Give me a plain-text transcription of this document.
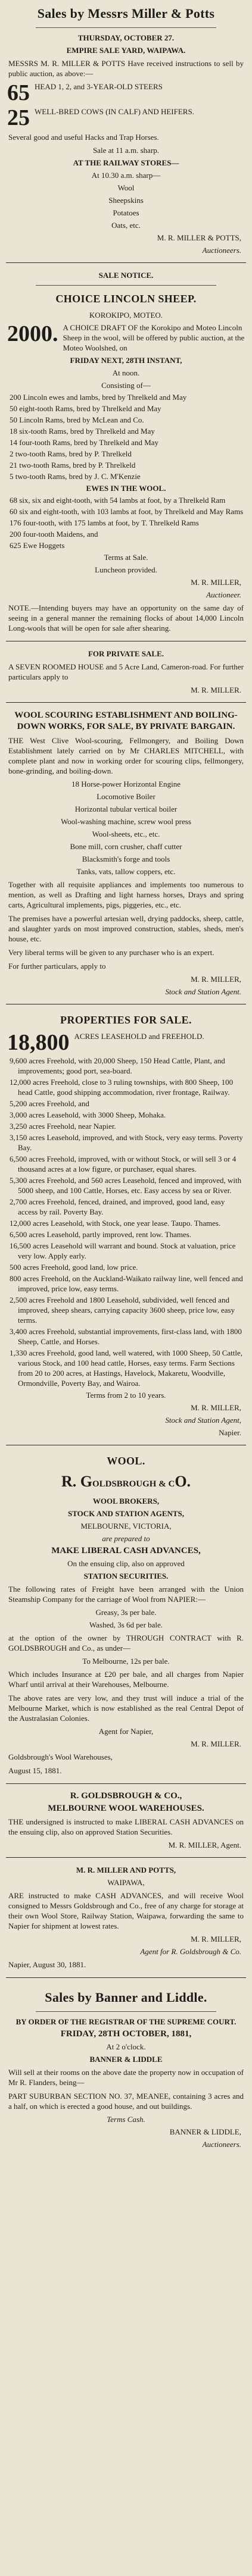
Sales by Messrs Miller & Potts
THURSDAY, OCTOBER 27.
EMPIRE SALE YARD, WAIPAWA.
MESSRS M. R. MILLER & POTTS Have received instructions to sell by public auction, as above:—
65 HEAD 1, 2, and 3-YEAR-OLD STEERS
25 WELL-BRED COWS (IN CALF) AND HEIFERS.
Several good and useful Hacks and Trap Horses.
Sale at 11 a.m. sharp.
AT THE RAILWAY STORES—
At 10.30 a.m. sharp—
Wool
Sheepskins
Potatoes
Oats, etc.
M. R. MILLER & POTTS,
Auctioneers.
SALE NOTICE.
CHOICE LINCOLN SHEEP.
KOROKIPO, MOTEO.
2000. A CHOICE DRAFT OF the Korokipo and Moteo Lincoln Sheep in the wool, will be offered by public auction, at the Moteo Woolshed, on
FRIDAY NEXT, 28TH INSTANT,
At noon.
Consisting of—
200 Lincoln ewes and lambs, bred by Threlkeld and May
50 eight-tooth Rams, bred by Threlkeld and May
50 Lincoln Rams, bred by McLean and Co.
18 six-tooth Rams, bred by Threlkeld and May
14 four-tooth Rams, bred by Threlkeld and May
2 two-tooth Rams, bred by P. Threlkeld
21 two-tooth Rams, bred by P. Threlkeld
5 two-tooth Rams, bred by J. C. M'Kenzie
EWES IN THE WOOL.
68 six, six and eight-tooth, with 54 lambs at foot, by a Threlkeld Ram
60 six and eight-tooth, with 103 lambs at foot, by Threlkeld and May Rams
176 four-tooth, with 175 lambs at foot, by T. Threlkeld Rams
200 four-tooth Maidens, and
625 Ewe Hoggets
Terms at Sale.
Luncheon provided.
M. R. MILLER,
Auctioneer.
NOTE.—Intending buyers may have an opportunity on the same day of seeing in a general manner the remaining flocks of about 14,000 Lincoln Long-wools that will be open for sale after shearing.
FOR PRIVATE SALE.
A SEVEN ROOMED HOUSE and 5 Acre Land, Cameron-road. For further particulars apply to
M. R. MILLER.
WOOL SCOURING ESTABLISHMENT AND BOILING-DOWN WORKS, FOR SALE, BY PRIVATE BARGAIN.
THE West Clive Wool-scouring, Fellmongery, and Boiling Down Establishment lately carried on by Mr CHARLES MITCHELL, with complete plant and now in working order for scouring clips, fellmongery, bone-grinding, and boiling-down.
18 Horse-power Horizontal Engine
Locomotive Boiler
Horizontal tubular vertical boiler
Wool-washing machine, screw wool press
Wool-sheets, etc., etc.
Bone mill, corn crusher, chaff cutter
Blacksmith's forge and tools
Tanks, vats, tallow coppers, etc.
Together with all requisite appliances and implements too numerous to mention, as well as Drafting and light harness horses, Drays and spring carts, Agricultural implements, pigs, piggeries, etc., etc.
The premises have a powerful artesian well, drying paddocks, sheep, cattle, and slaughter yards on most improved construction, stables, sheds, men's house, etc.
Very liberal terms will be given to any purchaser who is an expert.
For further particulars, apply to
M. R. MILLER,
Stock and Station Agent.
PROPERTIES FOR SALE.
18,800 ACRES LEASEHOLD and FREEHOLD.
9,600 acres Freehold, with 20,000 Sheep, 150 Head Cattle, Plant, and improvements; good port, sea-board.
12,000 acres Freehold, close to 3 ruling townships, with 800 Sheep, 100 head Cattle, good shipping accommodation, river frontage, Railway.
5,200 acres Freehold, and
3,000 acres Leasehold, with 3000 Sheep, Mohaka.
3,250 acres Freehold, near Napier.
3,150 acres Leasehold, improved, and with Stock, very easy terms. Poverty Bay.
6,500 acres Freehold, improved, with or without Stock, or will sell 3 or 4 thousand acres at a low figure, or purchaser, equal shares.
5,300 acres Freehold, and 560 acres Leasehold, fenced and improved, with 5000 sheep, and 100 Cattle, Horses, etc. Easy access by sea or River.
2,700 acres Freehold, fenced, drained, and improved, good land, easy access by rail. Poverty Bay.
12,000 acres Leasehold, with Stock, one year lease. Taupo. Thames.
6,500 acres Leasehold, partly improved, rent low. Thames.
16,500 acres Leasehold will warrant and bound. Stock at valuation, price very low. Apply early.
500 acres Freehold, good land, low price.
800 acres Freehold, on the Auckland-Waikato railway line, well fenced and improved, price low, easy terms.
2,500 acres Freehold and 1800 Leasehold, subdivided, well fenced and improved, sheep shears, carrying capacity 3600 sheep, price low, easy terms.
3,400 acres Freehold, substantial improvements, first-class land, with 1800 Sheep, Cattle, and Horses.
1,330 acres Freehold, good land, well watered, with 1000 Sheep, 50 Cattle, various Stock, and 100 head cattle, Horses, easy terms. Farm Sections from 20 to 200 acres, at Hastings, Havelock, Makaretu, Woodville, Ormondville, Poverty Bay, and Wairoa.
Terms from 2 to 10 years.
M. R. MILLER,
Stock and Station Agent,
Napier.
WOOL.
R. GOLDSBROUGH & CO.
WOOL BROKERS,
STOCK AND STATION AGENTS,
MELBOURNE, VICTORIA,
are prepared to
MAKE LIBERAL CASH ADVANCES,
On the ensuing clip, also on approved
STATION SECURITIES.
The following rates of Freight have been arranged with the Union Steamship Company for the carriage of Wool from NAPIER:—
Greasy, 3s per bale.
Washed, 3s 6d per bale.
at the option of the owner by THROUGH CONTRACT with R. GOLDSBROUGH and Co., as under—
To Melbourne, 12s per bale.
Which includes Insurance at £20 per bale, and all charges from Napier Wharf until arrival at their Warehouses, Melbourne.
The above rates are very low, and they trust will induce a trial of the Melbourne Market, which is now established as the real Central Depot of the Australasian Colonies.
Agent for Napier,
M. R. MILLER.
Goldsbrough's Wool Warehouses,
August 15, 1881.
R. GOLDSBROUGH & CO.,
MELBOURNE WOOL WAREHOUSES.
THE undersigned is instructed to make LIBERAL CASH ADVANCES on the ensuing clip, also on approved Station Securities.
M. R. MILLER, Agent.
M. R. MILLER AND POTTS,
WAIPAWA,
ARE instructed to make CASH ADVANCES, and will receive Wool consigned to Messrs Goldsbrough and Co., free of any charge for storage at their own Wool Store, Railway Station, Waipawa, forwarding the same to Napier for shipment at lowest rates.
M. R. MILLER,
Agent for R. Goldsbrough & Co.
Napier, August 30, 1881.
Sales by Banner and Liddle.
BY ORDER OF THE REGISTRAR OF THE SUPREME COURT.
FRIDAY, 28TH OCTOBER, 1881,
At 2 o'clock.
BANNER & LIDDLE
Will sell at their rooms on the above date the property now in occupation of Mr R. Flanders, being—
PART SUBURBAN SECTION NO. 37, MEANEE, containing 3 acres and a half, on which is erected a good house, and out buildings.
Terms Cash.
BANNER & LIDDLE,
Auctioneers.
